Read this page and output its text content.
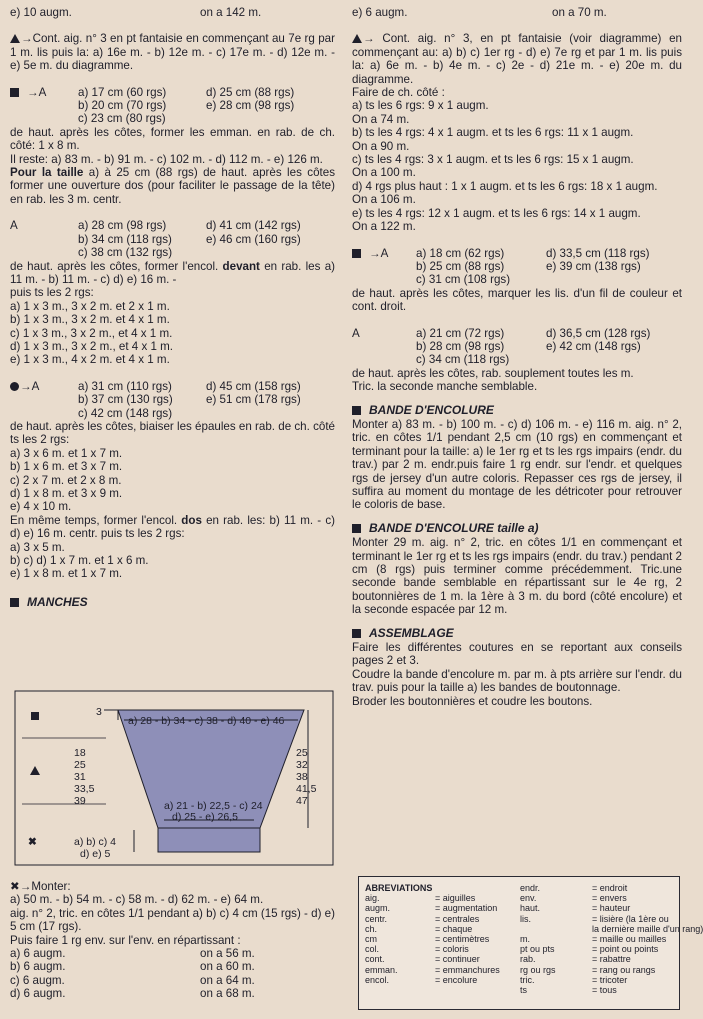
e) 10 augm.	on a 142 m.
→Cont. aig. n° 3 en pt fantaisie en commençant au 7e rg par 1 m. lis puis la: a) 16e m. - b) 12e m. - c) 17e m. - d) 12e m. - e) 5e m. du diagramme.
→A	a) 17 cm (60 rgs)	d) 25 cm (88 rgs)
b) 20 cm (70 rgs)	e) 28 cm (98 rgs)
c) 23 cm (80 rgs)
de haut. après les côtes, former les emman. en rab. de ch. côté: 1 x 8 m.
Il reste: a) 83 m. - b) 91 m. - c) 102 m. - d) 112 m. - e) 126 m.
Pour la taille a) à 25 cm (88 rgs) de haut. après les côtes former une ouverture dos (pour faciliter le passage de la tête) en rab. les 3 m. centr.
A	a) 28 cm (98 rgs)	d) 41 cm (142 rgs)
b) 34 cm (118 rgs)	e) 46 cm (160 rgs)
c) 38 cm (132 rgs)
de haut. après les côtes, former l'encol. devant en rab. les a) 11 m. - b) 11 m. - c) d) e) 16 m. -
puis ts les 2 rgs:
a) 1 x 3 m., 3 x 2 m. et 2 x 1 m.
b) 1 x 3 m., 3 x 2 m. et 4 x 1 m.
c) 1 x 3 m., 3 x 2 m., et 4 x 1 m.
d) 1 x 3 m., 3 x 2 m., et 4 x 1 m.
e) 1 x 3 m., 4 x 2 m. et 4 x 1 m.
→A	a) 31 cm (110 rgs)	d) 45 cm (158 rgs)
b) 37 cm (130 rgs)	e) 51 cm (178 rgs)
c) 42 cm (148 rgs)
de haut. après les côtes, biaiser les épaules en rab. de ch. côté ts les 2 rgs:
a) 3 x 6 m. et 1 x 7 m.
b) 1 x 6 m. et 3 x 7 m.
c) 2 x 7 m. et 2 x 8 m.
d) 1 x 8 m. et 3 x 9 m.
e) 4 x 10 m.
En même temps, former l'encol. dos en rab. les: b) 11 m. - c) d) e) 16 m. centr. puis ts les 2 rgs:
a) 3 x 5 m.
b) c) d) 1 x 7 m. et 1 x 6 m.
e) 1 x 8 m. et 1 x 7 m.
MANCHES
✖
3
a) 28 - b) 34 - c) 38 - d) 40 - e) 46
a) 21 - b) 22,5 - c) 24
d) 25 - e) 26,5
a) b) c) 4
d) e) 5
18
25
31
33,5
39
25
32
38
41,5
47
✖→Monter:
a) 50 m. - b) 54 m. - c) 58 m. - d) 62 m. - e) 64 m.
aig. n° 2, tric. en côtes 1/1 pendant a) b) c) 4 cm (15 rgs) - d) e) 5 cm (17 rgs).
Puis faire 1 rg env. sur l'env. en répartissant :
a) 6 augm.	on a 56 m.
b) 6 augm.	on a 60 m.
c) 6 augm.	on a 64 m.
d) 6 augm.	on a 68 m.
e) 6 augm.	on a 70 m.
→ Cont. aig. n° 3, en pt fantaisie (voir diagramme) en commençant au: a) b) c) 1er rg - d) e) 7e rg et par 1 m. lis puis la: a) 6e m. - b) 4e m. - c) 2e - d) 21e m. - e) 20e m. du diagramme.
Faire de ch. côté :
a) ts les 6 rgs: 9 x 1 augm.
On a 74 m.
b) ts les 4 rgs: 4 x 1 augm. et ts les 6 rgs: 11 x 1 augm.
On a 90 m.
c) ts les 4 rgs: 3 x 1 augm. et ts les 6 rgs: 15 x 1 augm.
On a 100 m.
d) 4 rgs plus haut : 1 x 1 augm. et ts les 6 rgs: 18 x 1 augm.
On a 106 m.
e) ts les 4 rgs: 12 x 1 augm. et ts les 6 rgs: 14 x 1 augm.
On a 122 m.
→A	a) 18 cm (62 rgs)	d) 33,5 cm (118 rgs)
b) 25 cm (88 rgs)	e) 39 cm (138 rgs)
c) 31 cm (108 rgs)
de haut. après les côtes, marquer les lis. d'un fil de couleur et cont. droit.
A	a) 21 cm (72 rgs)	d) 36,5 cm (128 rgs)
b) 28 cm (98 rgs)	e) 42 cm (148 rgs)
c) 34 cm (118 rgs)
de haut. après les côtes, rab. souplement toutes les m.
Tric. la seconde manche semblable.
BANDE D'ENCOLURE
Monter a) 83 m. - b) 100 m. - c) d) 106 m. - e) 116 m. aig. n° 2, tric. en côtes 1/1 pendant 2,5 cm (10 rgs) en commençant et terminant pour la taille: a) le 1er rg et ts les rgs impairs (endr. du trav.) par 2 m. endr.puis faire 1 rg endr. sur l'endr. et quelques rgs de jersey d'un autre coloris. Repasser ces rgs de jersey, il suffira au moment du montage de les détricoter pour retrouver le coloris de base.
BANDE D'ENCOLURE taille a)
Monter 29 m. aig. n° 2, tric. en côtes 1/1 en commençant et terminant le 1er rg et ts les rgs impairs (endr. du trav.) pendant 2 cm (8 rgs) puis terminer comme précédemment. Tric.une seconde bande semblable en répartissant sur le 4e rg, 2 boutonnières de 1 m. la 1ère à 3 m. du bord (côté encolure) et la seconde espacée par 12 m.
ASSEMBLAGE
Faire les différentes coutures en se reportant aux conseils pages 2 et 3.
Coudre la bande d'encolure m. par m. à pts arrière sur l'endr. du trav. puis pour la taille a) les bandes de boutonnage.
Broder les boutonnières et coudre les boutons.
ABREVIATIONS	endr.	= endroit
aig.	= aiguilles	env.	= envers
augm.	= augmentation	haut.	= hauteur
centr.	= centrales	lis.	= lisière (la 1ère ou
ch.	= chaque	la dernière maille d'un rang)
cm	= centimètres	m.	= maille ou mailles
col.	= coloris	pt ou pts	= point ou points
cont.	= continuer	rab.	= rabattre
emman.	= emmanchures	rg ou rgs	= rang ou rangs
encol.	= encolure	tric.	= tricoter
ts	= tous
